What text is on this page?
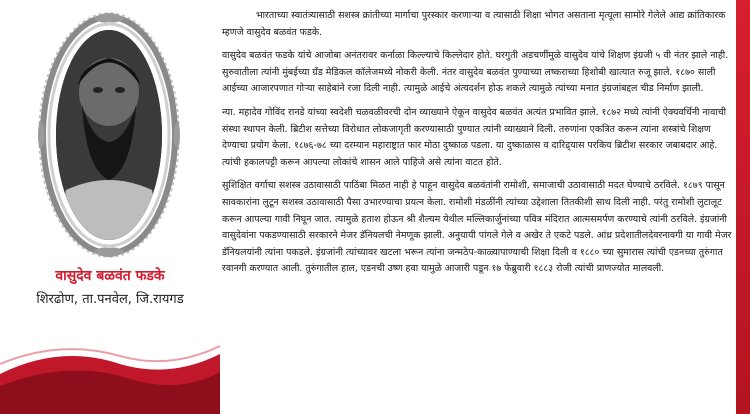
वासुदेव बळवंत फडके
शिरढोण, ता.पनवेल, जि.रायगड

भारताच्या स्वातंत्र्यासाठी सशस्त्र क्रांतीच्या मार्गाचा पुरस्कार करणाऱ्या व त्यासाठी शिक्षा भोगत असताना मृत्यूला सामोरे गेलेले आद्य क्रांतिकारक म्हणजे वासुदेव बळवंत फडके.

वासुदेव बळवंत फडके यांचे आजोबा अनंतरावर कर्नाळा किल्ल्याचे किल्लेदार होते. घरगुती अडचणींमुळे वासुदेव यांचे शिक्षण इंग्रजी ५ वी नंतर झाले नाही. सुरुवातीला त्यांनी मुंबईच्या ग्रँड मेडिकल कॉलेजमध्ये नोकरी केली. नंतर वासुदेव बळवंत पुण्याच्या लष्कराच्या हिशोबी खात्यात रुजू झाले. १८७० साली आईच्या आजारपणात गोऱ्या साहेबांने रजा दिली नाही. त्यामुळे आईचे अंत्यदर्शन होऊ शकले त्यामुळे त्यांच्या मनात इंग्रजांबद्दल चीड निर्माण झाली.

न्या. महादेव गोविंद रानडे यांच्या स्वदेशी चळवळीवरची दोन व्याख्याने ऐकून वासुदेव बळवंत अत्यंत प्रभावित झाले. १८७२ मध्ये त्यांनी ऐक्यवर्धिनी नावाची संस्था स्थापन केली. ब्रिटीश सत्तेच्या विरोधात लोकजागृती करण्यासाठी पुण्यात त्यांनी व्याख्याने दिली. तरुणांना एकत्रित करून त्यांना शस्त्रांचे शिक्षण देण्याचा प्रयोग केला. १८७६-७८ च्या दरम्यान महाराष्ट्रात फार मोठा दुष्काळ पडला. या दुष्काळास व दारिद्र्यास परकिय ब्रिटीश सरकार जबाबदार आहे. त्यांची हकालपट्टी करून आपल्या लोकांचे शासन आले पाहिजे असे त्यांना वाटत होते.

सुशिक्षित वर्गाचा सशस्त्र उठावासाठी पाठिंबा मिळत नाही हे पाहून वासुदेव बळवंतांनी रामोशी, समाजाची उठावासाठी मदत घेण्याचे ठरविले. १८७९ पासून सावकारांना लुटून सशस्त्र उठावासाठी पैसा उभारण्याचा प्रयत्न केला. रामोशी मंडळींनी त्यांच्या उद्देशाला तितकीशी साथ दिली नाही. परंतु रामोशी लुटालूट करून आपल्या गावी निघून जात. त्यामुळे हताश होऊन श्री शैल्यम येथील मल्लिकार्जुनांच्या पवित्र मंदिरात आत्मसमर्पण करण्याचे त्यांनी ठरविले. इंग्रजांनी वासुदेवांना पकडण्यासाठी सरकारने मेजर डॅनियलची नेमणूक झाली. अनुयायी पांगले गेले व अखेर ते एकटे पडले. आंध्र प्रदेशातीलदेवरनावगी या गावी मेजर डॅनियलयांनी त्यांना पकडले. इंग्रजांनी त्यांच्यावर खटला भरून त्यांना जन्मठेप-काळ्यापाण्याची शिक्षा दिली व १८८० च्या सुमारास त्यांची एडनच्या तुरुंगात रवानगी करण्यात आली. तुरुंगातील हाल, एडनची उष्ण हवा यामुळे आजारी पडून १७ फेब्रुवारी १८८३ रोजी त्यांची प्राणज्योत मालवली.
